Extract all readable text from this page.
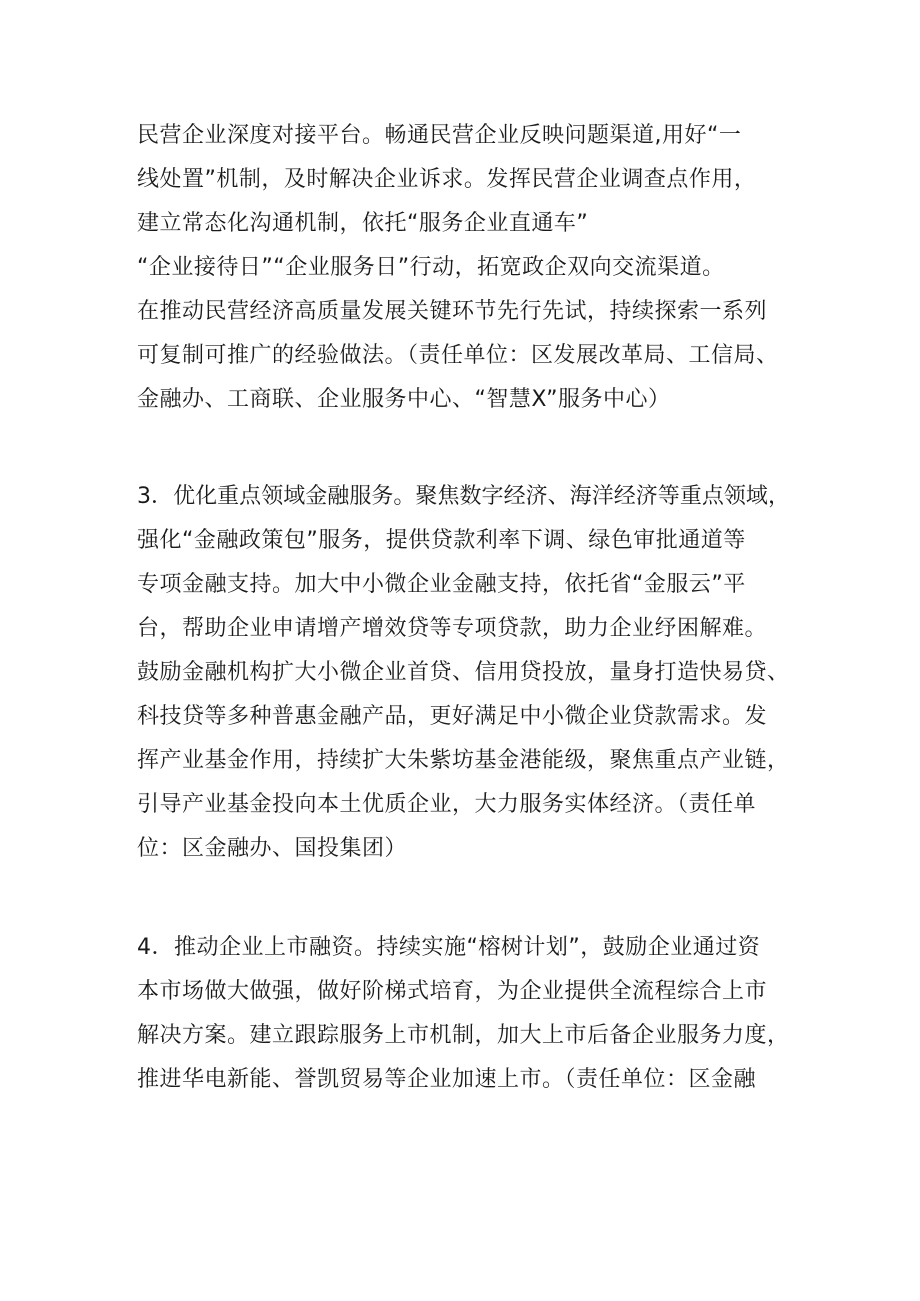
民营企业深度对接平台。畅通民营企业反映问题渠道,用好“一
线处置”机制，及时解决企业诉求。发挥民营企业调查点作用，
建立常态化沟通机制，依托“服务企业直通车”
“企业接待日”“企业服务日”行动，拓宽政企双向交流渠道。
在推动民营经济高质量发展关键环节先行先试，持续探索一系列
可复制可推广的经验做法。（责任单位：区发展改革局、工信局、
金融办、工商联、企业服务中心、“智慧X”服务中心）
3．优化重点领域金融服务。聚焦数字经济、海洋经济等重点领域，
强化“金融政策包”服务，提供贷款利率下调、绿色审批通道等
专项金融支持。加大中小微企业金融支持，依托省“金服云”平
台，帮助企业申请增产增效贷等专项贷款，助力企业纾困解难。
鼓励金融机构扩大小微企业首贷、信用贷投放，量身打造快易贷、
科技贷等多种普惠金融产品，更好满足中小微企业贷款需求。发
挥产业基金作用，持续扩大朱紫坊基金港能级，聚焦重点产业链，
引导产业基金投向本土优质企业，大力服务实体经济。（责任单
位：区金融办、国投集团）
4．推动企业上市融资。持续实施“榕树计划”，鼓励企业通过资
本市场做大做强，做好阶梯式培育，为企业提供全流程综合上市
解决方案。建立跟踪服务上市机制，加大上市后备企业服务力度，
推进华电新能、誉凯贸易等企业加速上市。（责任单位：区金融
